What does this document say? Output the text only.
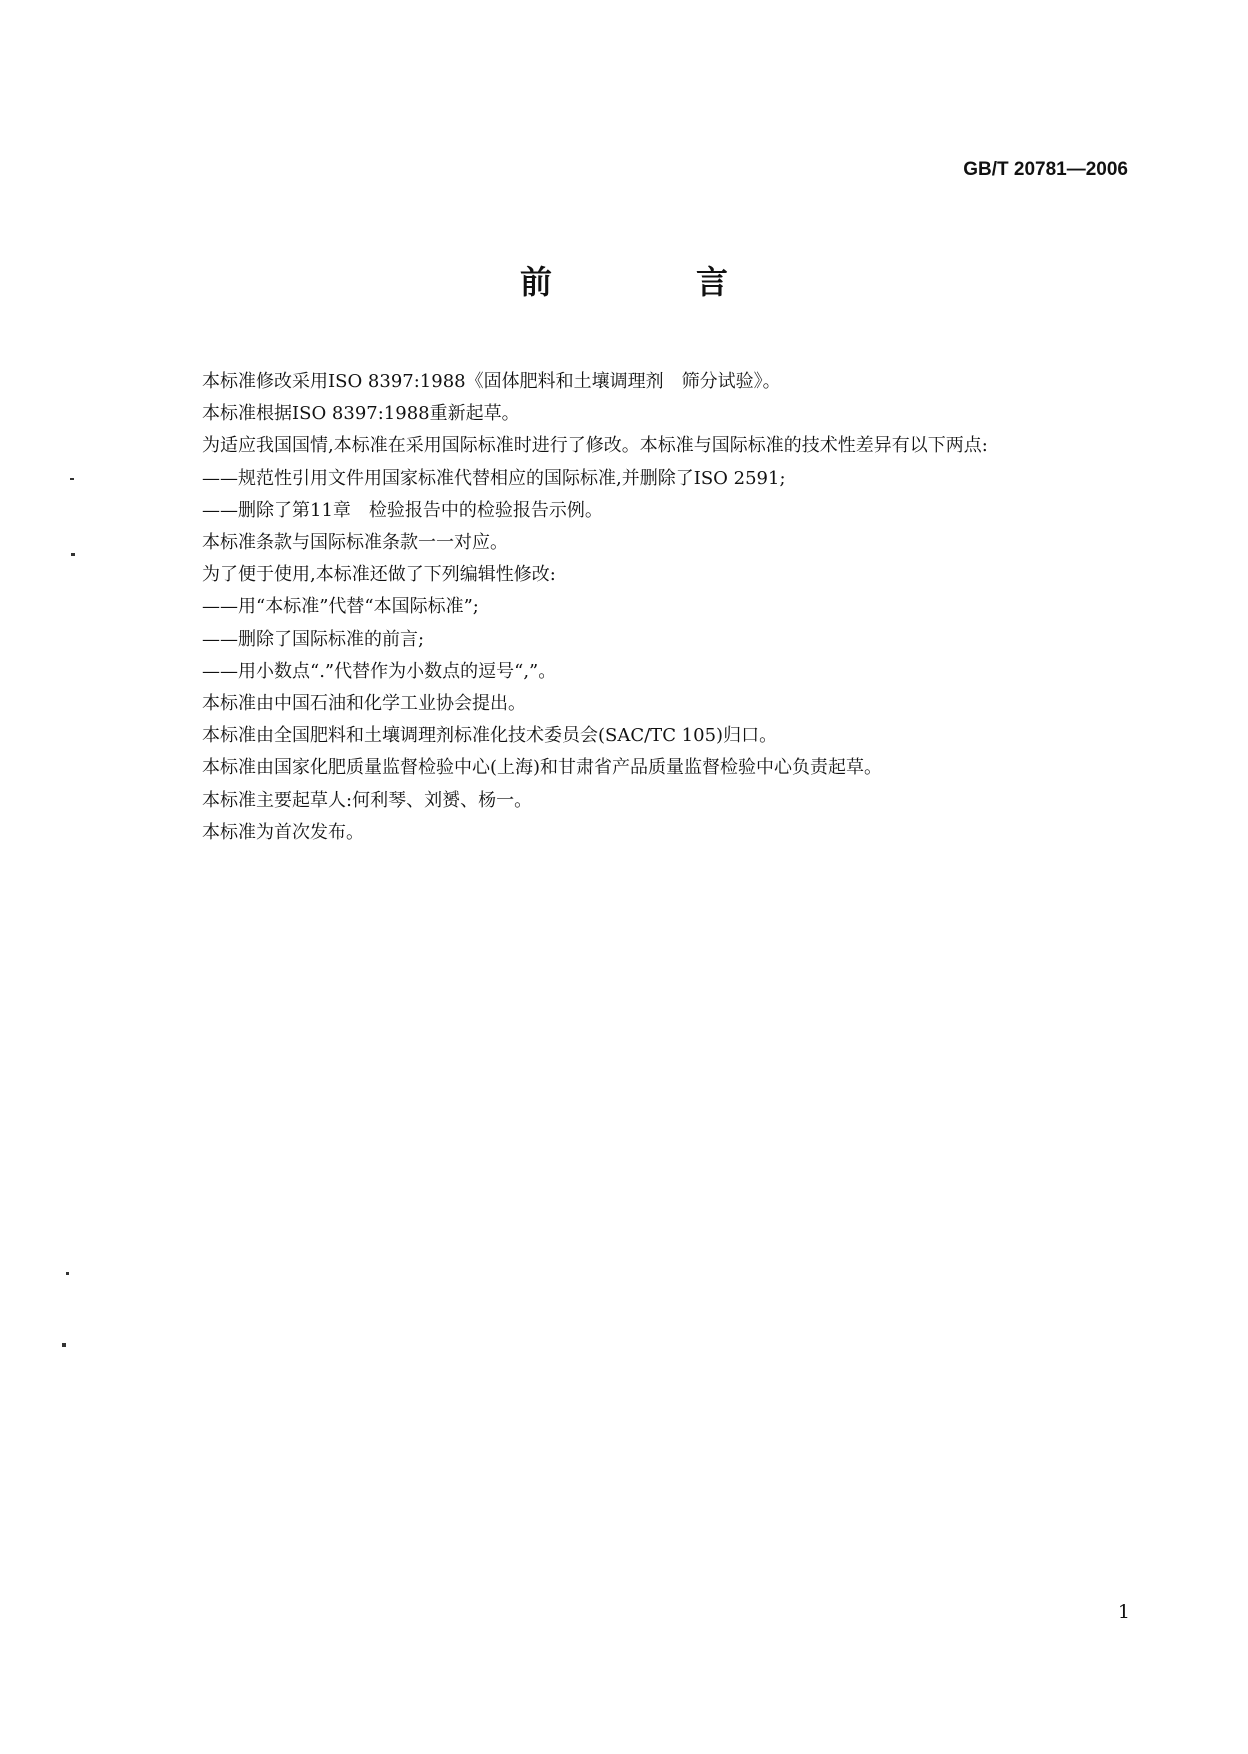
GB/T 20781—2006
前　言

本标准修改采用ISO 8397:1988《固体肥料和土壤调理剂　筛分试验》。

本标准根据ISO 8397:1988重新起草。

为适应我国国情,本标准在采用国际标准时进行了修改。本标准与国际标准的技术性差异有以下两点:

——规范性引用文件用国家标准代替相应的国际标准,并删除了ISO 2591;

——删除了第11章　检验报告中的检验报告示例。

本标准条款与国际标准条款一一对应。

为了便于使用,本标准还做了下列编辑性修改:

——用“本标准”代替“本国际标准”;

——删除了国际标准的前言;

——用小数点“.”代替作为小数点的逗号“,”。

本标准由中国石油和化学工业协会提出。

本标准由全国肥料和土壤调理剂标准化技术委员会(SAC/TC 105)归口。

本标准由国家化肥质量监督检验中心(上海)和甘肃省产品质量监督检验中心负责起草。

本标准主要起草人:何利琴、刘赟、杨一。

本标准为首次发布。

1
